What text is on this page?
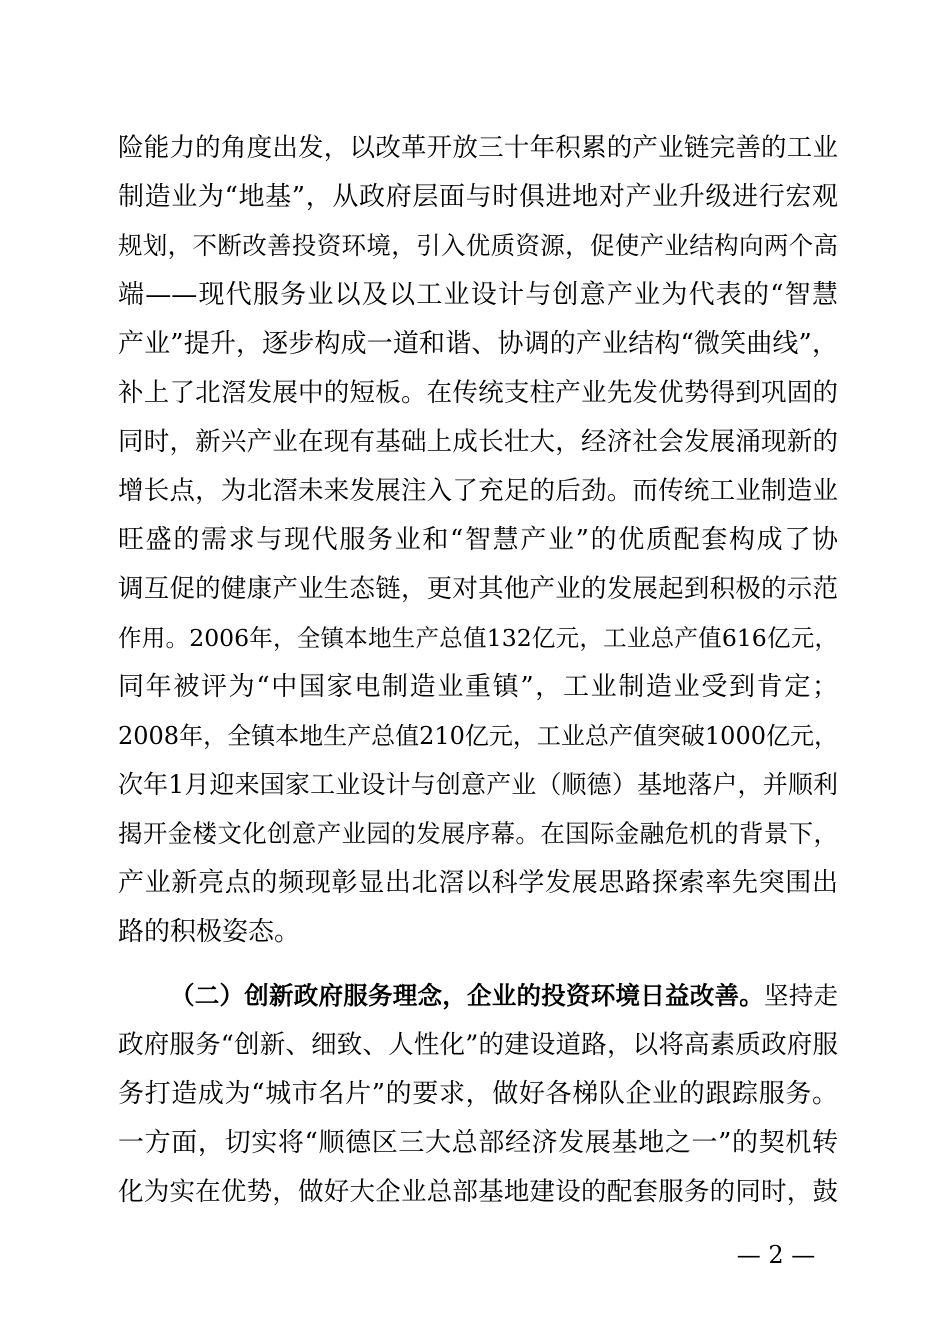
险能力的角度出发，以改革开放三十年积累的产业链完善的工业
制造业为“地基”，从政府层面与时俱进地对产业升级进行宏观
规划，不断改善投资环境，引入优质资源，促使产业结构向两个高
端——现代服务业以及以工业设计与创意产业为代表的“智慧
产业”提升，逐步构成一道和谐、协调的产业结构“微笑曲线”，
补上了北滘发展中的短板。在传统支柱产业先发优势得到巩固的
同时，新兴产业在现有基础上成长壮大，经济社会发展涌现新的
增长点，为北滘未来发展注入了充足的后劲。而传统工业制造业
旺盛的需求与现代服务业和“智慧产业”的优质配套构成了协
调互促的健康产业生态链，更对其他产业的发展起到积极的示范
作用。2006年，全镇本地生产总值132亿元，工业总产值616亿元，
同年被评为“中国家电制造业重镇”，工业制造业受到肯定；
2008年，全镇本地生产总值210亿元，工业总产值突破1000亿元，
次年1月迎来国家工业设计与创意产业（顺德）基地落户，并顺利
揭开金楼文化创意产业园的发展序幕。在国际金融危机的背景下，
产业新亮点的频现彰显出北滘以科学发展思路探索率先突围出
路的积极姿态。
（二）创新政府服务理念，企业的投资环境日益改善。坚持走
政府服务“创新、细致、人性化”的建设道路，以将高素质政府服
务打造成为“城市名片”的要求，做好各梯队企业的跟踪服务。
一方面，切实将“顺德区三大总部经济发展基地之一”的契机转
化为实在优势，做好大企业总部基地建设的配套服务的同时，鼓
— 2 —
